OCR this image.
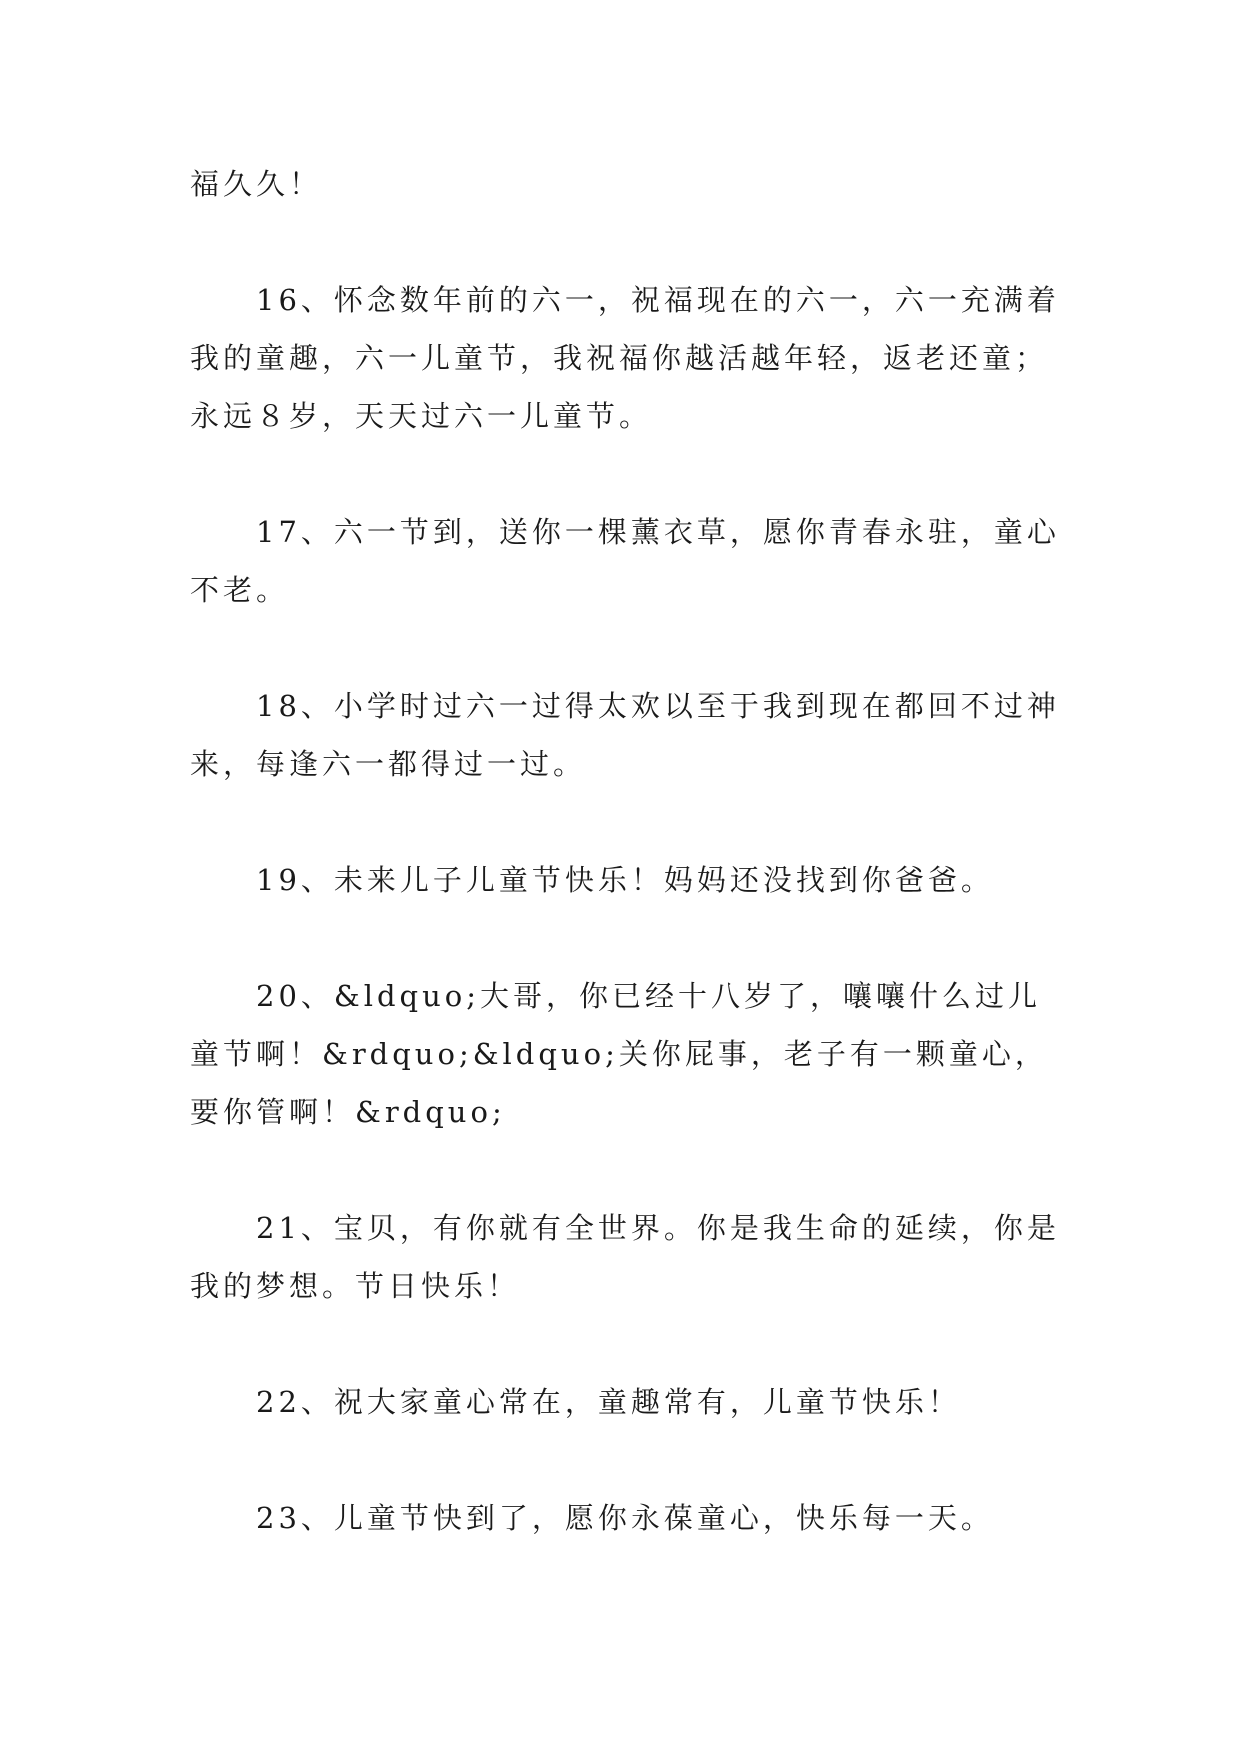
福久久！

16、怀念数年前的六一，祝福现在的六一，六一充满着我的童趣，六一儿童节，我祝福你越活越年轻，返老还童；永远８岁，天天过六一儿童节。

17、六一节到，送你一棵薰衣草，愿你青春永驻，童心不老。

18、小学时过六一过得太欢以至于我到现在都回不过神来，每逢六一都得过一过。

19、未来儿子儿童节快乐！妈妈还没找到你爸爸。

20、&ldquo;大哥，你已经十八岁了，嚷嚷什么过儿童节啊！&rdquo;&ldquo;关你屁事，老子有一颗童心，要你管啊！&rdquo;

21、宝贝，有你就有全世界。你是我生命的延续，你是我的梦想。节日快乐！

22、祝大家童心常在，童趣常有，儿童节快乐！

23、儿童节快到了，愿你永葆童心，快乐每一天。
